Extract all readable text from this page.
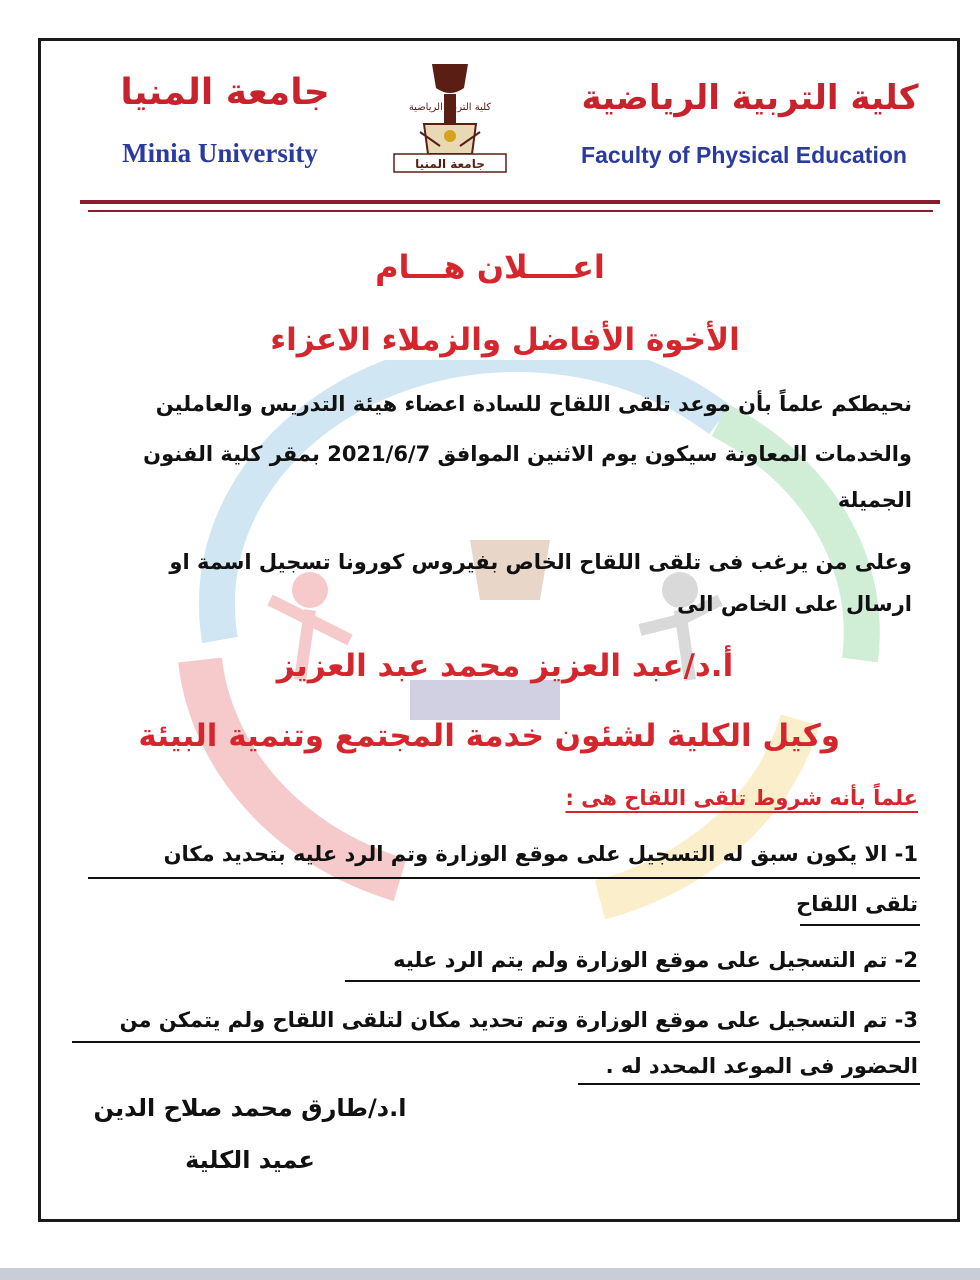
جامعة المنيا
Minia University
كلية التربية الرياضية
جامعة المنيا
كلية التربية الرياضية
Faculty of Physical Education
اعــــلان هـــام
الأخوة الأفاضل والزملاء الاعزاء
نحيطكم علماً بأن موعد تلقى اللقاح للسادة اعضاء هيئة التدريس والعاملين
والخدمات المعاونة سيكون يوم الاثنين الموافق 2021/6/7 بمقر كلية الفنون
الجميلة
وعلى من يرغب فى تلقى اللقاح الخاص بفيروس كورونا تسجيل اسمة او
ارسال على الخاص الى
أ.د/عبد العزيز محمد عبد العزيز
وكيل الكلية لشئون خدمة المجتمع وتنمية البيئة
علماً بأنه شروط تلقى اللقاح هى :
1- الا يكون سبق له التسجيل على موقع الوزارة وتم الرد عليه بتحديد مكان
تلقى اللقاح
2- تم التسجيل على موقع الوزارة ولم يتم الرد عليه
3- تم التسجيل على موقع الوزارة وتم تحديد مكان لتلقى اللقاح ولم يتمكن من
الحضور فى الموعد المحدد له .
ا.د/طارق محمد صلاح الدين
عميد الكلية
